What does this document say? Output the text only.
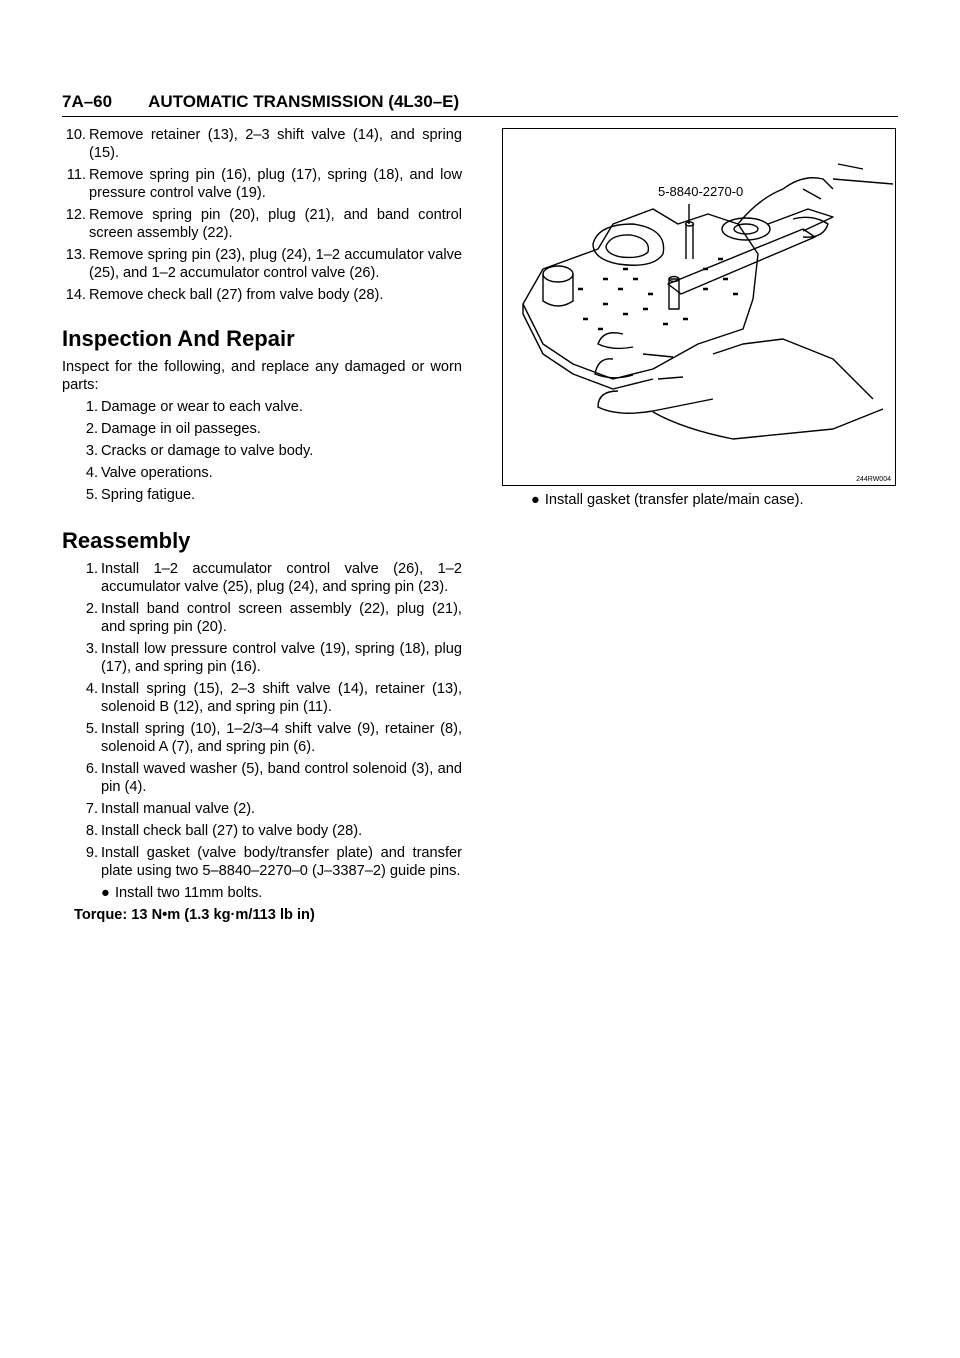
7A–60 AUTOMATIC TRANSMISSION (4L30–E)
10. Remove retainer (13), 2–3 shift valve (14), and spring (15).
11. Remove spring pin (16), plug (17), spring (18), and low pressure control valve (19).
12. Remove spring pin (20), plug (21), and band control screen assembly (22).
13. Remove spring pin (23), plug (24), 1–2 accumulator valve (25), and 1–2 accumulator control valve (26).
14. Remove check ball (27) from valve body (28).
Inspection And Repair
Inspect for the following, and replace any damaged or worn parts:
1. Damage or wear to each valve.
2. Damage in oil passeges.
3. Cracks or damage to valve body.
4. Valve operations.
5. Spring fatigue.
Reassembly
1. Install 1–2 accumulator control valve (26), 1–2 accumulator valve (25), plug (24), and spring pin (23).
2. Install band control screen assembly (22), plug (21), and spring pin (20).
3. Install low pressure control valve (19), spring (18), plug (17), and spring pin (16).
4. Install spring (15), 2–3 shift valve (14), retainer (13), solenoid B (12), and spring pin (11).
5. Install spring (10), 1–2/3–4 shift valve (9), retainer (8), solenoid A (7), and spring pin (6).
6. Install waved washer (5), band control solenoid (3), and pin (4).
7. Install manual valve (2).
8. Install check ball (27) to valve body (28).
9. Install gasket (valve body/transfer plate) and transfer plate using two 5–8840–2270–0 (J–3387–2) guide pins.
● Install two 11mm bolts.
Torque: 13 N•m (1.3 kg·m/113 lb in)
5-8840-2270-0
244RW004
● Install gasket (transfer plate/main case).
